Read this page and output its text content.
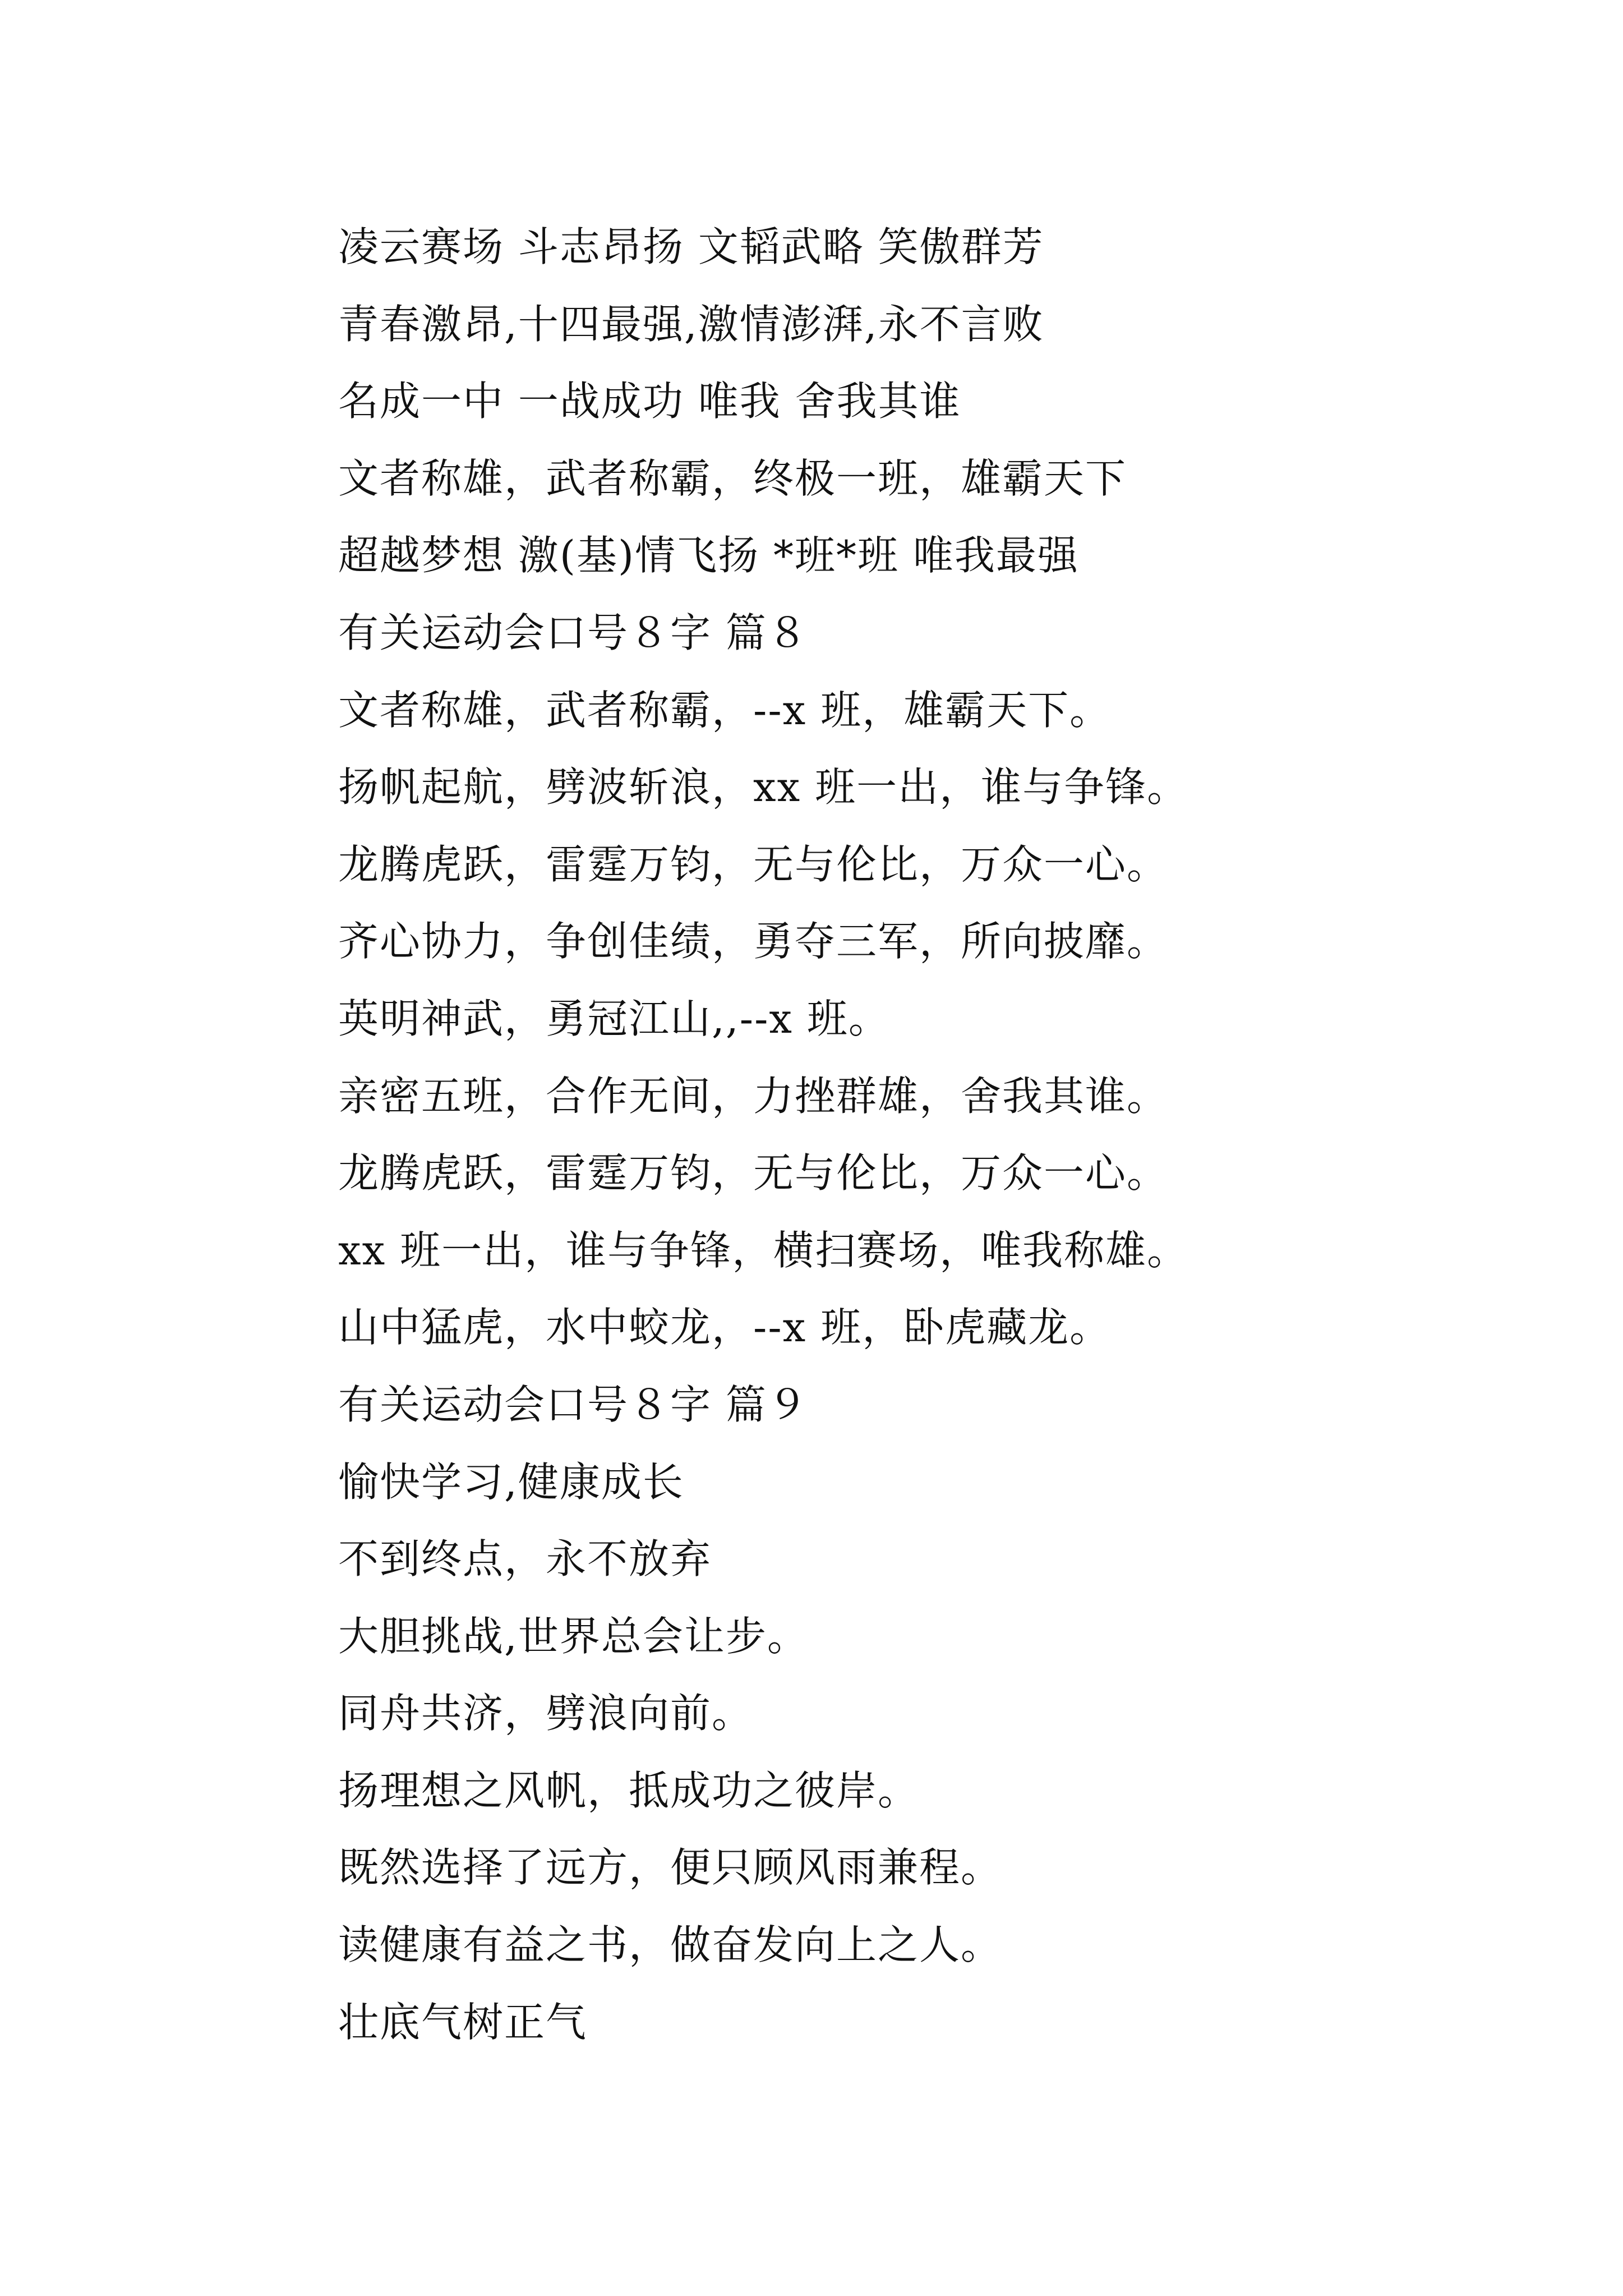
凌云赛场 斗志昂扬 文韬武略 笑傲群芳
青春激昂,十四最强,激情澎湃,永不言败
名成一中 一战成功 唯我 舍我其谁
文者称雄，武者称霸，终极一班，雄霸天下
超越梦想 激(基)情飞扬 *班*班 唯我最强
有关运动会口号８字 篇８
文者称雄，武者称霸，--x 班，雄霸天下。
扬帆起航，劈波斩浪，xx 班一出，谁与争锋。
龙腾虎跃，雷霆万钧，无与伦比，万众一心。
齐心协力，争创佳绩，勇夺三军，所向披靡。
英明神武，勇冠江山,,--x 班。
亲密五班，合作无间，力挫群雄，舍我其谁。
龙腾虎跃，雷霆万钧，无与伦比，万众一心。
xx 班一出，谁与争锋，横扫赛场，唯我称雄。
山中猛虎，水中蛟龙，--x 班，卧虎藏龙。
有关运动会口号８字 篇９
愉快学习,健康成长
不到终点，永不放弃
大胆挑战,世界总会让步。
同舟共济，劈浪向前。
扬理想之风帆，抵成功之彼岸。
既然选择了远方，便只顾风雨兼程。
读健康有益之书，做奋发向上之人。
壮底气树正气
